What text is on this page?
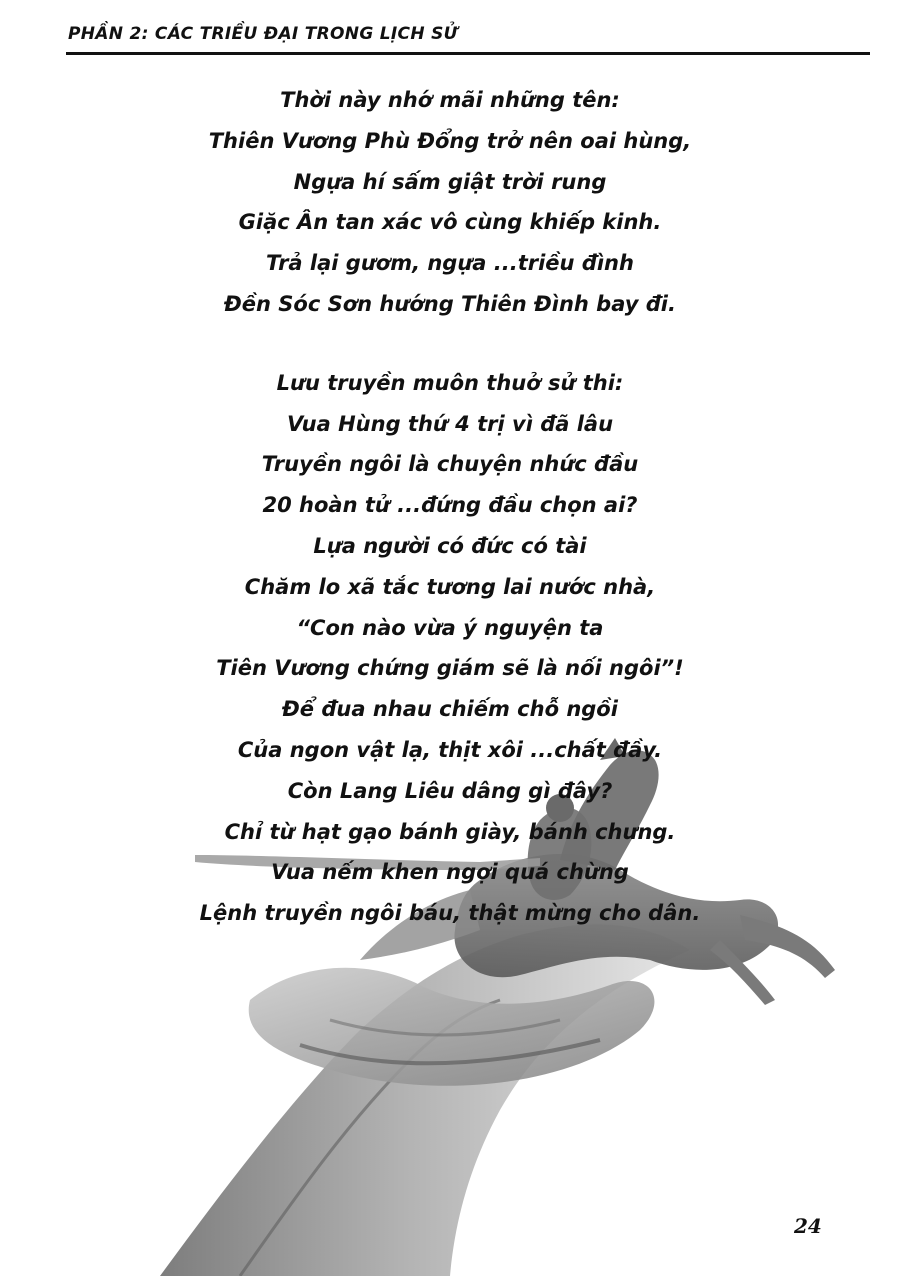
PHẦN 2: CÁC TRIỀU ĐẠI TRONG LỊCH SỬ
Thời này nhớ mãi những tên:
Thiên Vương Phù Đổng trở nên oai hùng,
Ngựa hí sấm giật trời rung
Giặc Ân tan xác vô cùng khiếp kinh.
Trả lại gươm, ngựa ...triều đình
Đền Sóc Sơn hướng Thiên Đình bay đi.
Lưu truyền muôn thuở sử thi:
Vua Hùng thứ 4 trị vì đã lâu
Truyền ngôi là chuyện nhức đầu
20 hoàn tử ...đứng đầu chọn ai?
Lựa người có đức có tài
Chăm lo xã tắc tương lai nước nhà,
“Con nào vừa ý nguyện ta
Tiên Vương chứng giám sẽ là nối ngôi”!
Để đua nhau chiếm chỗ ngồi
Của ngon vật lạ, thịt xôi ...chất đầy.
Còn Lang Liêu dâng gì đây?
Chỉ từ hạt gạo bánh giày, bánh chưng.
Vua nếm khen ngợi quá chừng
Lệnh truyền ngôi báu, thật mừng cho dân.
24
